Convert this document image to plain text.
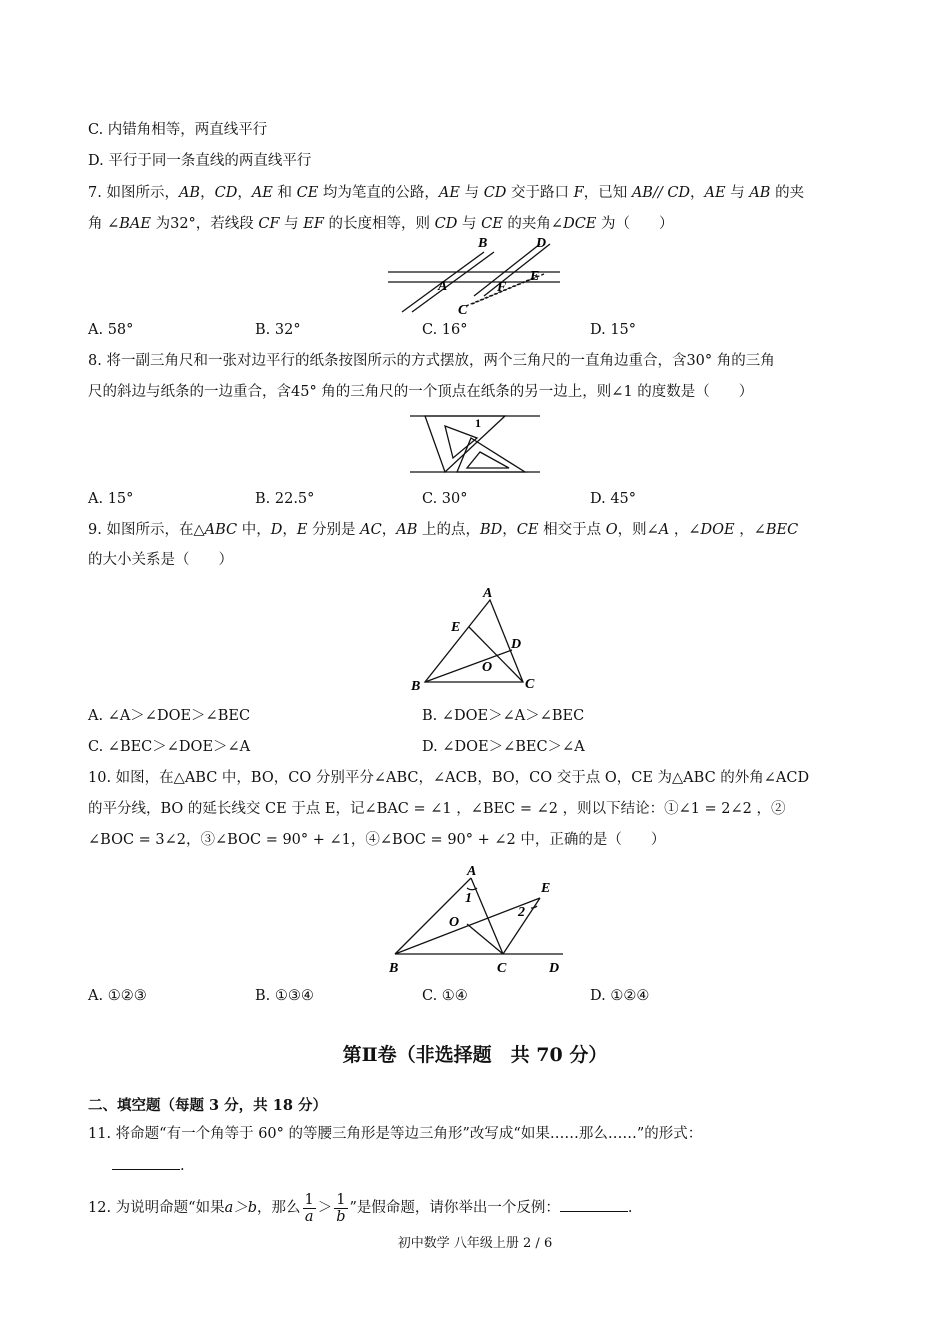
C. 内错角相等，两直线平行
D. 平行于同一条直线的两直线平行
7. 如图所示，AB，CD，AE 和 CE 均为笔直的公路，AE 与 CD 交于路口 F，已知 AB// CD，AE 与 AB 的夹
角 ∠BAE 为32°，若线段 CF 与 EF 的长度相等，则 CD 与 CE 的夹角∠DCE 为（　　）
B	D
A	F
E
C
A. 58°	B. 32°	C. 16°	D. 15°
8. 将一副三角尺和一张对边平行的纸条按图所示的方式摆放，两个三角尺的一直角边重合，含30° 角的三角
尺的斜边与纸条的一边重合，含45° 角的三角尺的一个顶点在纸条的另一边上，则∠1 的度数是（　　）
1
A. 15°	B. 22.5°	C. 30°	D. 45°
9. 如图所示，在△ABC 中，D，E 分别是 AC，AB 上的点，BD，CE 相交于点 O，则∠A ，∠DOE ，∠BEC
的大小关系是（　　）
A
E
D
O
B	C
A. ∠A＞∠DOE＞∠BEC	B. ∠DOE＞∠A＞∠BEC
C. ∠BEC＞∠DOE＞∠A	D. ∠DOE＞∠BEC＞∠A
10. 如图，在△ABC 中，BO，CO 分别平分∠ABC，∠ACB，BO，CO 交于点 O，CE 为△ABC 的外角∠ACD
的平分线，BO 的延长线交 CE 于点 E，记∠BAC = ∠1 ，∠BEC = ∠2 ，则以下结论：①∠1 = 2∠2 ，②
∠BOC = 3∠2，③∠BOC = 90° + ∠1，④∠BOC = 90° + ∠2 中，正确的是（　　）
A
E
1
2
O
B	C	D
A. ①②③	B. ①③④	C. ①④	D. ①②④
第Ⅱ卷（非选择题　共 70 分）
二、填空题（每题 3 分，共 18 分）
11. 将命题“有一个角等于 60° 的等腰三角形是等边三角形”改写成“如果……那么……”的形式：
.
12. 为说明命题“如果a＞b，那么 $\frac{1}{a} > \frac{1}{b}$ ”是假命题，请你举出一个反例：	.
初中数学 八年级上册 2 / 6
